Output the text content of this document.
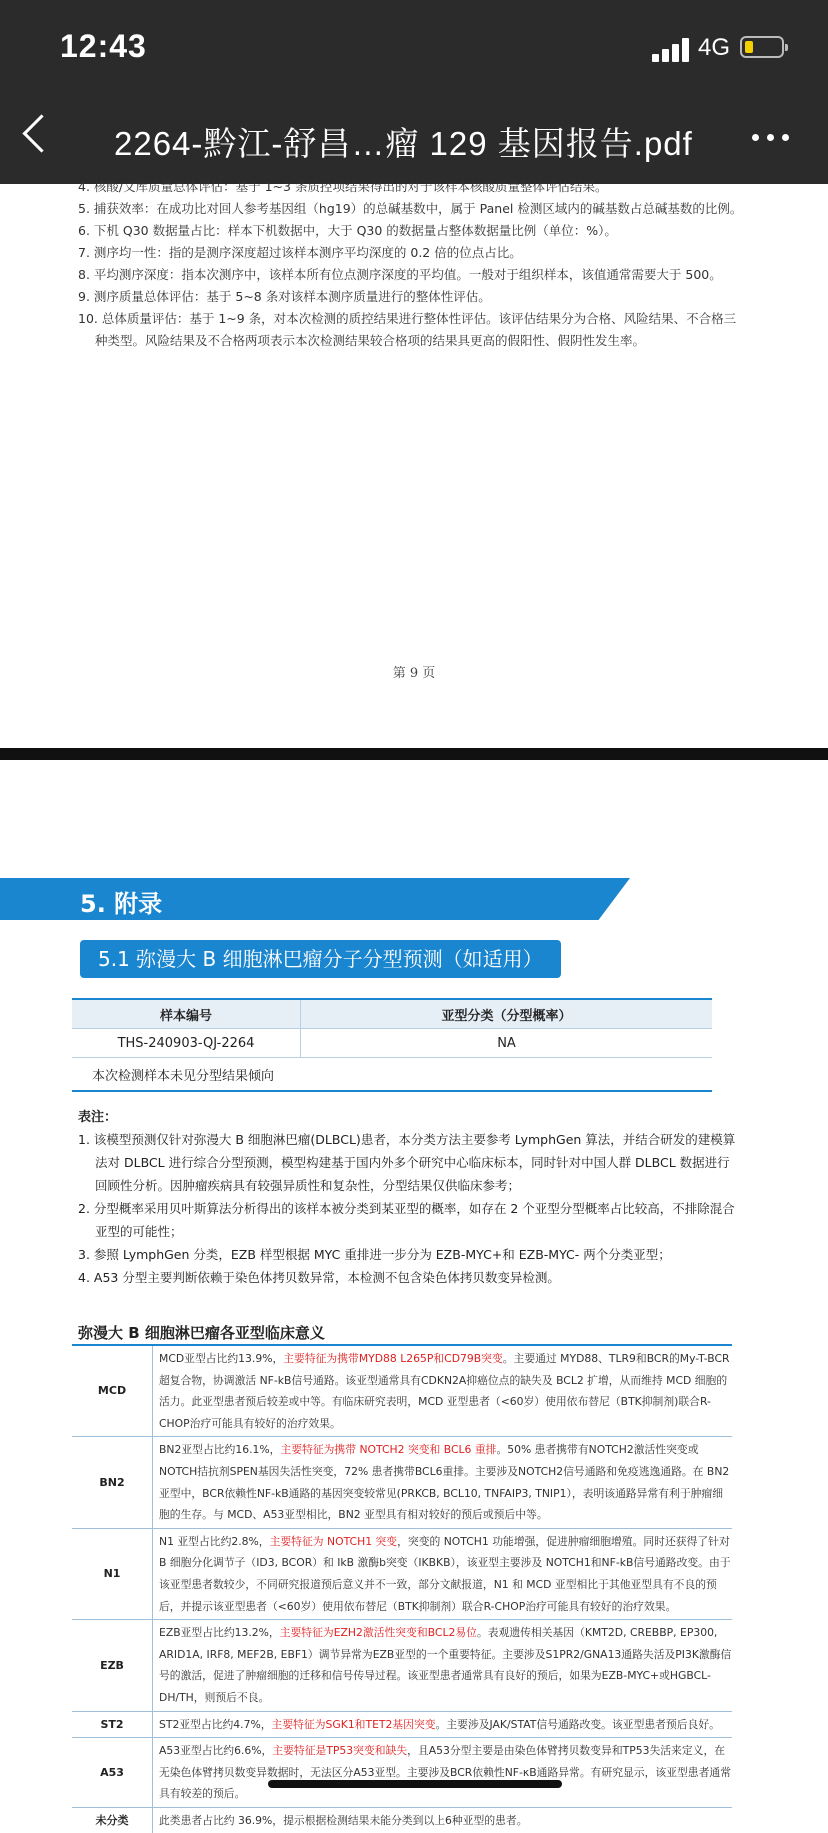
12:43	4G
2264-黔江-舒昌…瘤 129 基因报告.pdf
4. 核酸/文库质量总体评估：基于 1~3 条质控项结果得出的对于该样本核酸质量整体评估结果。
5. 捕获效率：在成功比对回人参考基因组（hg19）的总碱基数中，属于 Panel 检测区域内的碱基数占总碱基数的比例。
6. 下机 Q30 数据量占比：样本下机数据中，大于 Q30 的数据量占整体数据量比例（单位：%）。
7. 测序均一性：指的是测序深度超过该样本测序平均深度的 0.2 倍的位点占比。
8. 平均测序深度：指本次测序中，该样本所有位点测序深度的平均值。一般对于组织样本，该值通常需要大于 500。
9. 测序质量总体评估：基于 5~8 条对该样本测序质量进行的整体性评估。
10. 总体质量评估：基于 1~9 条，对本次检测的质控结果进行整体性评估。该评估结果分为合格、风险结果、不合格三
种类型。风险结果及不合格两项表示本次检测结果较合格项的结果具更高的假阳性、假阴性发生率。
第 9 页
5. 附录
5.1 弥漫大 B 细胞淋巴瘤分子分型预测（如适用）
样本编号	亚型分类（分型概率）
THS-240903-QJ-2264	NA
本次检测样本未见分型结果倾向	
表注：
1. 该模型预测仅针对弥漫大 B 细胞淋巴瘤(DLBCL)患者，本分类方法主要参考 LymphGen 算法，并结合研发的建模算
法对 DLBCL 进行综合分型预测，模型构建基于国内外多个研究中心临床标本，同时针对中国人群 DLBCL 数据进行回顾性分析。因肿瘤疾病具有较强异质性和复杂性，分型结果仅供临床参考；
2. 分型概率采用贝叶斯算法分析得出的该样本被分类到某亚型的概率，如存在 2 个亚型分型概率占比较高，不排除混合
亚型的可能性；
3. 参照 LymphGen 分类，EZB 样型根据 MYC 重排进一步分为 EZB-MYC+和 EZB-MYC- 两个分类亚型；
4. A53 分型主要判断依赖于染色体拷贝数异常，本检测不包含染色体拷贝数变异检测。
弥漫大 B 细胞淋巴瘤各亚型临床意义
MCD	MCD亚型占比约13.9%，主要特征为携带MYD88 L265P和CD79B突变。主要通过 MYD88、TLR9和BCR的My-T-BCR 超复合物，协调激活 NF-kB信号通路。该亚型通常具有CDKN2A抑癌位点的缺失及 BCL2 扩增，从而维持 MCD 细胞的活力。此亚型患者预后较差或中等。有临床研究表明，MCD 亚型患者（<60岁）使用依布替尼（BTK抑制剂)联合R-CHOP治疗可能具有较好的治疗效果。
BN2	BN2亚型占比约16.1%，主要特征为携带 NOTCH2 突变和 BCL6 重排。50% 患者携带有NOTCH2激活性突变或 NOTCH拮抗剂SPEN基因失活性突变，72% 患者携带BCL6重排。主要涉及NOTCH2信号通路和免疫逃逸通路。在 BN2 亚型中，BCR依赖性NF-kB通路的基因突变较常见(PRKCB, BCL10, TNFAIP3, TNIP1），表明该通路异常有利于肿瘤细胞的生存。与 MCD、A53亚型相比，BN2 亚型具有相对较好的预后或预后中等。
N1	N1 亚型占比约2.8%，主要特征为 NOTCH1 突变，突变的 NOTCH1 功能增强，促进肿瘤细胞增殖。同时还获得了针对 B 细胞分化调节子（ID3, BCOR）和 IkB 激酶b突变（IKBKB），该亚型主要涉及 NOTCH1和NF-kB信号通路改变。由于该亚型患者数较少，不同研究报道预后意义并不一致，部分文献报道，N1 和 MCD 亚型相比于其他亚型具有不良的预后，并提示该亚型患者（<60岁）使用依布替尼（BTK抑制剂）联合R-CHOP治疗可能具有较好的治疗效果。
EZB	EZB亚型占比约13.2%，主要特征为EZH2激活性突变和BCL2易位。表观遗传相关基因（KMT2D, CREBBP, EP300, ARID1A, IRF8, MEF2B, EBF1）调节异常为EZB亚型的一个重要特征。主要涉及S1PR2/GNA13通路失活及PI3K激酶信号的激活，促进了肿瘤细胞的迁移和信号传导过程。该亚型患者通常具有良好的预后，如果为EZB-MYC+或HGBCL-DH/TH，则预后不良。
ST2	ST2亚型占比约4.7%，主要特征为SGK1和TET2基因突变。主要涉及JAK/STAT信号通路改变。该亚型患者预后良好。
A53	A53亚型占比约6.6%，主要特征是TP53突变和缺失，且A53分型主要是由染色体臂拷贝数变异和TP53失活来定义，在无染色体臂拷贝数变异数据时，无法区分A53亚型。主要涉及BCR依赖性NF-κB通路异常。有研究显示，该亚型患者通常具有较差的预后。
未分类	此类患者占比约 36.9%，提示根据检测结果未能分类到以上6种亚型的患者。
